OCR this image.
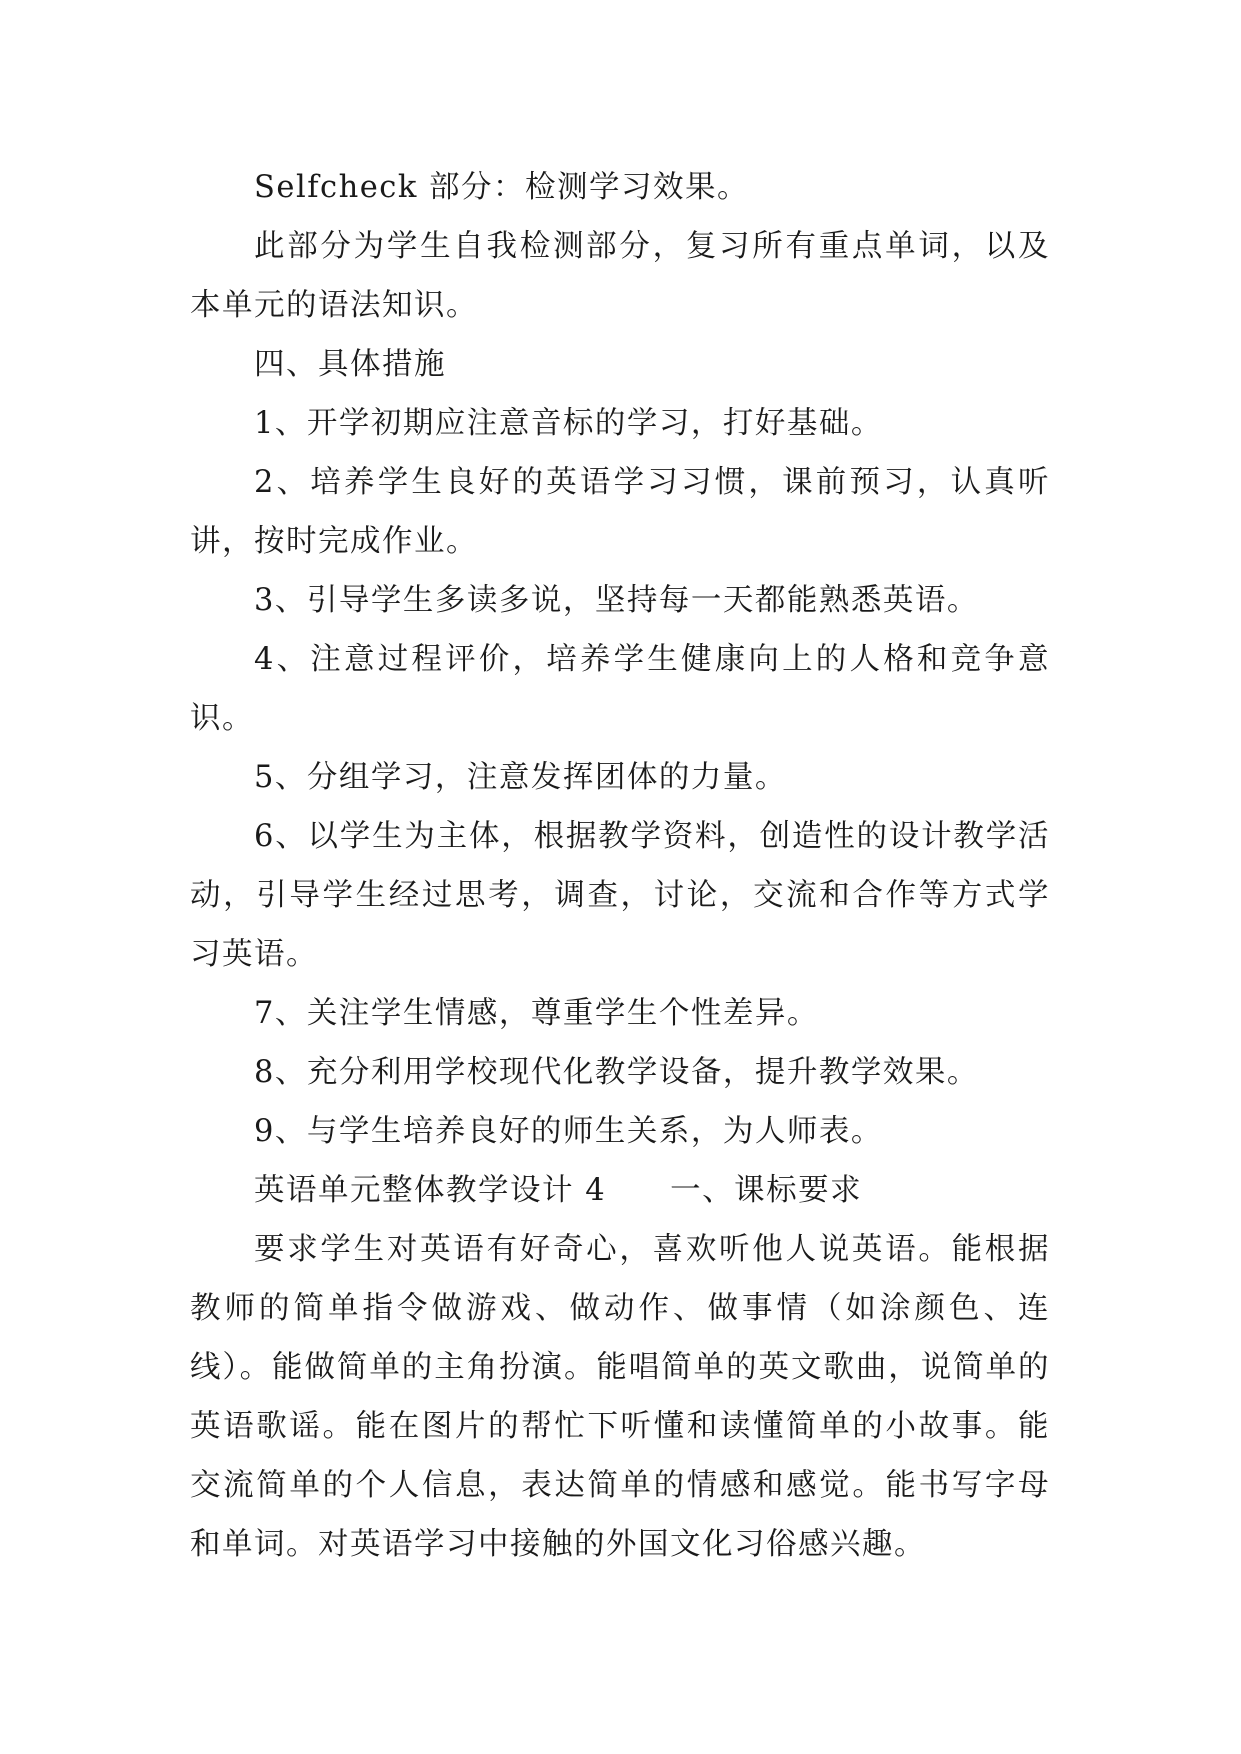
Selfcheck 部分：检测学习效果。

此部分为学生自我检测部分，复习所有重点单词，以及本单元的语法知识。

四、具体措施

1、开学初期应注意音标的学习，打好基础。

2、培养学生良好的英语学习习惯，课前预习，认真听讲，按时完成作业。

3、引导学生多读多说，坚持每一天都能熟悉英语。

4、注意过程评价，培养学生健康向上的人格和竞争意识。

5、分组学习，注意发挥团体的力量。

6、以学生为主体，根据教学资料，创造性的设计教学活动，引导学生经过思考，调查，讨论，交流和合作等方式学习英语。

7、关注学生情感，尊重学生个性差异。

8、充分利用学校现代化教学设备，提升教学效果。

9、与学生培养良好的师生关系，为人师表。

英语单元整体教学设计 4 一、课标要求

要求学生对英语有好奇心，喜欢听他人说英语。能根据教师的简单指令做游戏、做动作、做事情（如涂颜色、连线）。能做简单的主角扮演。能唱简单的英文歌曲，说简单的英语歌谣。能在图片的帮忙下听懂和读懂简单的小故事。能交流简单的个人信息，表达简单的情感和感觉。能书写字母和单词。对英语学习中接触的外国文化习俗感兴趣。
